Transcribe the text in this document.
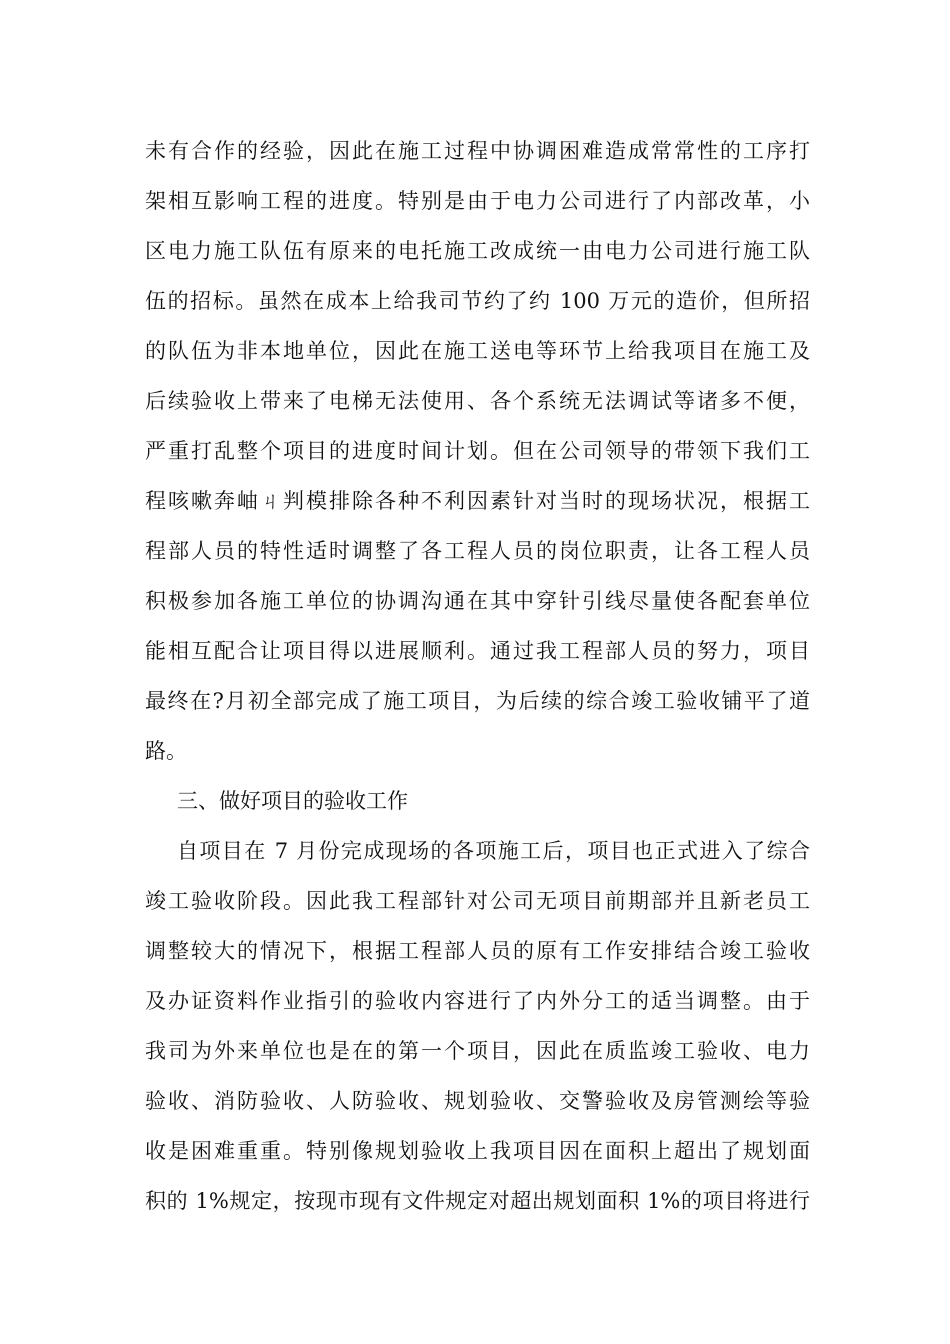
未有合作的经验，因此在施工过程中协调困难造成常常性的工序打
架相互影响工程的进度。特别是由于电力公司进行了内部改革，小
区电力施工队伍有原来的电托施工改成统一由电力公司进行施工队
伍的招标。虽然在成本上给我司节约了约 100 万元的造价，但所招
的队伍为非本地单位，因此在施工送电等环节上给我项目在施工及
后续验收上带来了电梯无法使用、各个系统无法调试等诸多不便，
严重打乱整个项目的进度时间计划。但在公司领导的带领下我们工
程咳嗽奔岫ㄐ判模排除各种不利因素针对当时的现场状况，根据工
程部人员的特性适时调整了各工程人员的岗位职责，让各工程人员
积极参加各施工单位的协调沟通在其中穿针引线尽量使各配套单位
能相互配合让项目得以进展顺利。通过我工程部人员的努力，项目
最终在?月初全部完成了施工项目，为后续的综合竣工验收铺平了道
路。
三、做好项目的验收工作
自项目在 7 月份完成现场的各项施工后，项目也正式进入了综合
竣工验收阶段。因此我工程部针对公司无项目前期部并且新老员工
调整较大的情况下，根据工程部人员的原有工作安排结合竣工验收
及办证资料作业指引的验收内容进行了内外分工的适当调整。由于
我司为外来单位也是在的第一个项目，因此在质监竣工验收、电力
验收、消防验收、人防验收、规划验收、交警验收及房管测绘等验
收是困难重重。特别像规划验收上我项目因在面积上超出了规划面
积的 1%规定，按现市现有文件规定对超出规划面积 1%的项目将进行
